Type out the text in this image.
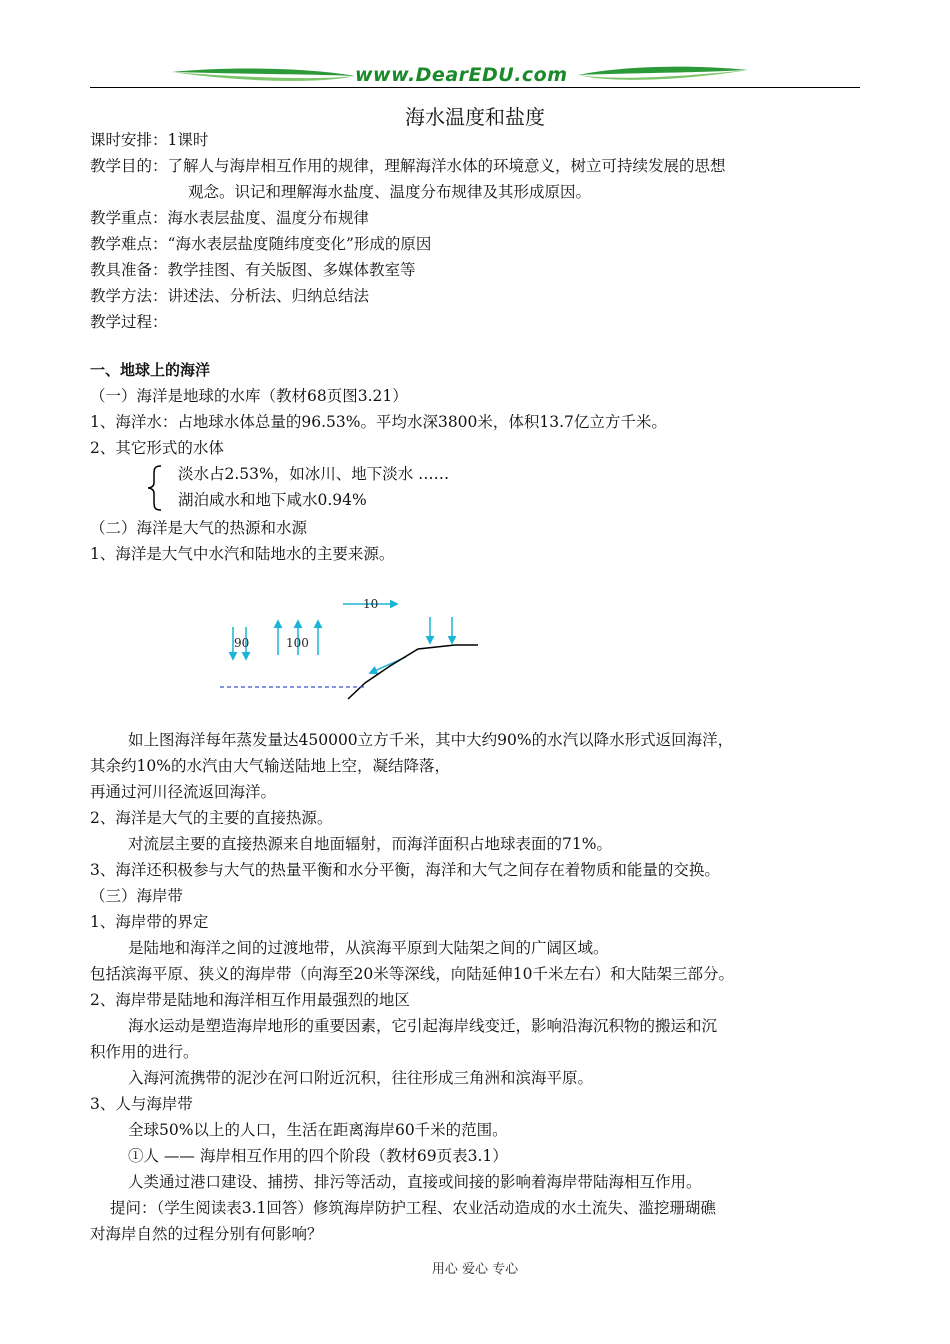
www.DearEDU.com
海水温度和盐度
课时安排：1课时
教学目的：了解人与海岸相互作用的规律，理解海洋水体的环境意义，树立可持续发展的思想
观念。识记和理解海水盐度、温度分布规律及其形成原因。
教学重点：海水表层盐度、温度分布规律
教学难点：“海水表层盐度随纬度变化”形成的原因
教具准备：教学挂图、有关版图、多媒体教室等
教学方法：讲述法、分析法、归纳总结法
教学过程：
一、地球上的海洋
（一）海洋是地球的水库（教材68页图3.21）
1、海洋水：占地球水体总量的96.53%。平均水深3800米，体积13.7亿立方千米。
2、其它形式的水体
淡水占2.53%，如冰川、地下淡水 ……
湖泊咸水和地下咸水0.94%
（二）海洋是大气的热源和水源
1、海洋是大气中水汽和陆地水的主要来源。
90	100
10
如上图海洋每年蒸发量达450000立方千米，其中大约90%的水汽以降水形式返回海洋，
其余约10%的水汽由大气输送陆地上空，凝结降落，
再通过河川径流返回海洋。
2、海洋是大气的主要的直接热源。
对流层主要的直接热源来自地面辐射，而海洋面积占地球表面的71%。
3、海洋还积极参与大气的热量平衡和水分平衡，海洋和大气之间存在着物质和能量的交换。
（三）海岸带
1、海岸带的界定
是陆地和海洋之间的过渡地带，从滨海平原到大陆架之间的广阔区域。
包括滨海平原、狭义的海岸带（向海至20米等深线，向陆延伸10千米左右）和大陆架三部分。
2、海岸带是陆地和海洋相互作用最强烈的地区
海水运动是塑造海岸地形的重要因素，它引起海岸线变迁，影响沿海沉积物的搬运和沉
积作用的进行。
入海河流携带的泥沙在河口附近沉积，往往形成三角洲和滨海平原。
3、人与海岸带
全球50%以上的人口，生活在距离海岸60千米的范围。
①人 —— 海岸相互作用的四个阶段（教材69页表3.1）
人类通过港口建设、捕捞、排污等活动，直接或间接的影响着海岸带陆海相互作用。
提问：（学生阅读表3.1回答）修筑海岸防护工程、农业活动造成的水土流失、滥挖珊瑚礁
对海岸自然的过程分别有何影响？
用心 爱心 专心
